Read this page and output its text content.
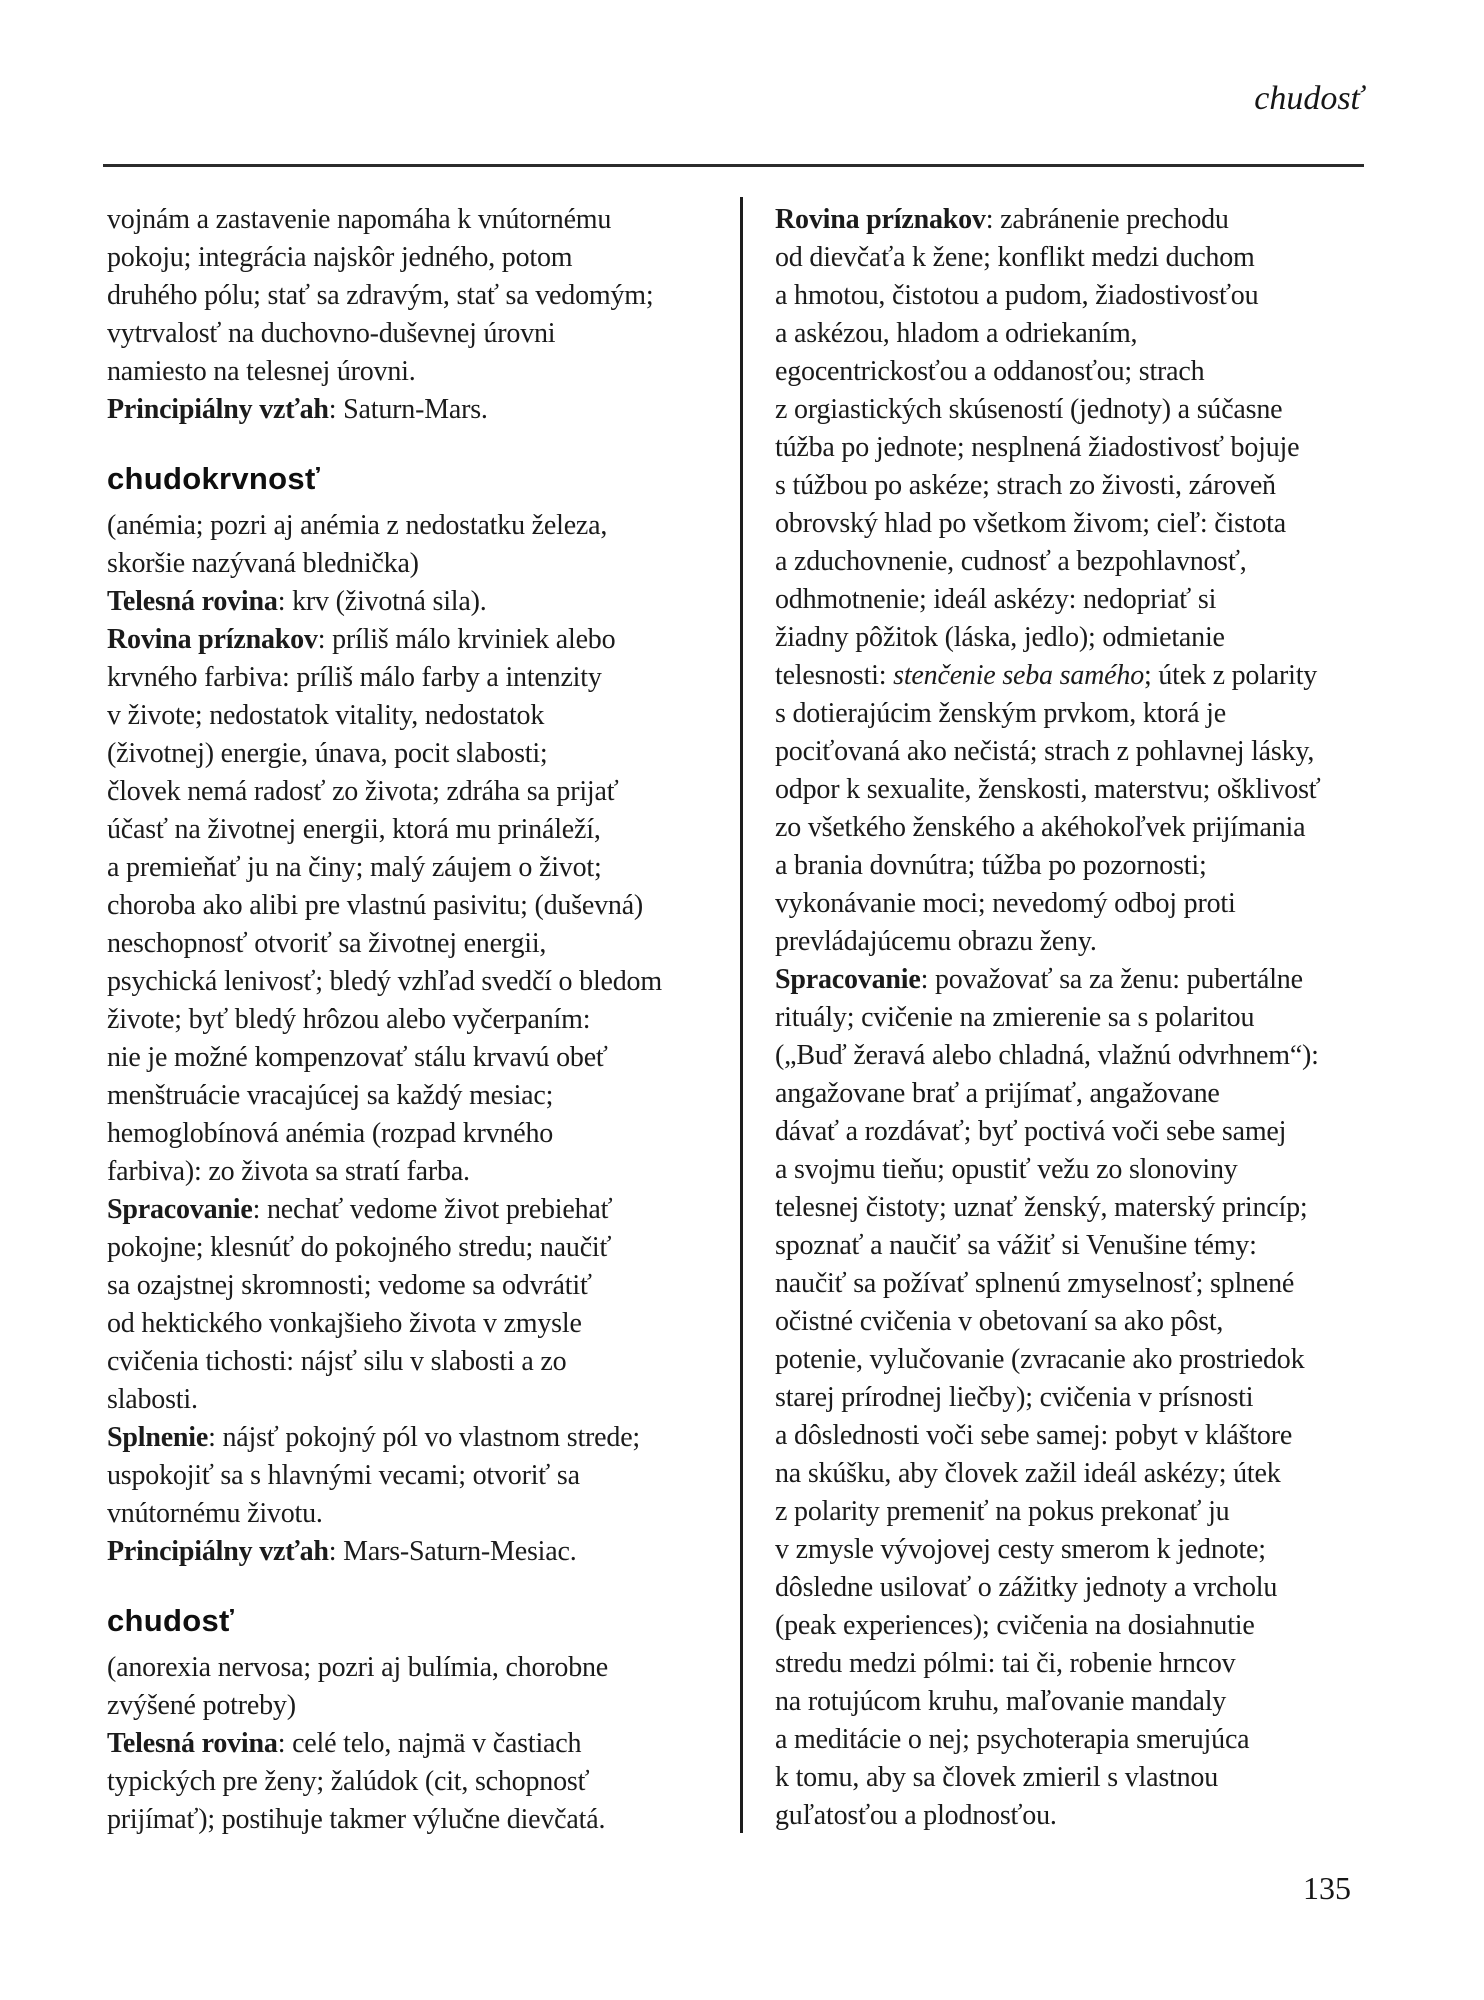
chudosť
vojnám a zastavenie napomáha k vnútornému
pokoju; integrácia najskôr jedného, potom
druhého pólu; stať sa zdravým, stať sa vedomým;
vytrvalosť na duchovno-duševnej úrovni
namiesto na telesnej úrovni.
Principiálny vzťah: Saturn-Mars.
chudokrvnosť
(anémia; pozri aj anémia z nedostatku železa,
skoršie nazývaná blednička)
Telesná rovina: krv (životná sila).
Rovina príznakov: príliš málo krviniek alebo
krvného farbiva: príliš málo farby a intenzity
v živote; nedostatok vitality, nedostatok
(životnej) energie, únava, pocit slabosti;
človek nemá radosť zo života; zdráha sa prijať
účasť na životnej energii, ktorá mu prináleží,
a premieňať ju na činy; malý záujem o život;
choroba ako alibi pre vlastnú pasivitu; (duševná)
neschopnosť otvoriť sa životnej energii,
psychická lenivosť; bledý vzhľad svedčí o bledom
živote; byť bledý hrôzou alebo vyčerpaním:
nie je možné kompenzovať stálu krvavú obeť
menštruácie vracajúcej sa každý mesiac;
hemoglobínová anémia (rozpad krvného
farbiva): zo života sa stratí farba.
Spracovanie: nechať vedome život prebiehať
pokojne; klesnúť do pokojného stredu; naučiť
sa ozajstnej skromnosti; vedome sa odvrátiť
od hektického vonkajšieho života v zmysle
cvičenia tichosti: nájsť silu v slabosti a zo
slabosti.
Splnenie: nájsť pokojný pól vo vlastnom strede;
uspokojiť sa s hlavnými vecami; otvoriť sa
vnútornému životu.
Principiálny vzťah: Mars-Saturn-Mesiac.
chudosť
(anorexia nervosa; pozri aj bulímia, chorobne
zvýšené potreby)
Telesná rovina: celé telo, najmä v častiach
typických pre ženy; žalúdok (cit, schopnosť
prijímať); postihuje takmer výlučne dievčatá.
Rovina príznakov: zabránenie prechodu
od dievčaťa k žene; konflikt medzi duchom
a hmotou, čistotou a pudom, žiadostivosťou
a askézou, hladom a odriekaním,
egocentrickosťou a oddanosťou; strach
z orgiastických skúseností (jednoty) a súčasne
túžba po jednote; nesplnená žiadostivosť bojuje
s túžbou po askéze; strach zo živosti, zároveň
obrovský hlad po všetkom živom; cieľ: čistota
a zduchovnenie, cudnosť a bezpohlavnosť,
odhmotnenie; ideál askézy: nedopriať si
žiadny pôžitok (láska, jedlo); odmietanie
telesnosti: stenčenie seba samého; útek z polarity
s dotierajúcim ženským prvkom, ktorá je
pociťovaná ako nečistá; strach z pohlavnej lásky,
odpor k sexualite, ženskosti, materstvu; ošklivosť
zo všetkého ženského a akéhokoľvek prijímania
a brania dovnútra; túžba po pozornosti;
vykonávanie moci; nevedomý odboj proti
prevládajúcemu obrazu ženy.
Spracovanie: považovať sa za ženu: pubertálne
rituály; cvičenie na zmierenie sa s polaritou
(„Buď žeravá alebo chladná, vlažnú odvrhnem“):
angažovane brať a prijímať, angažovane
dávať a rozdávať; byť poctivá voči sebe samej
a svojmu tieňu; opustiť vežu zo slonoviny
telesnej čistoty; uznať ženský, materský princíp;
spoznať a naučiť sa vážiť si Venušine témy:
naučiť sa požívať splnenú zmyselnosť; splnené
očistné cvičenia v obetovaní sa ako pôst,
potenie, vylučovanie (zvracanie ako prostriedok
starej prírodnej liečby); cvičenia v prísnosti
a dôslednosti voči sebe samej: pobyt v kláštore
na skúšku, aby človek zažil ideál askézy; útek
z polarity premeniť na pokus prekonať ju
v zmysle vývojovej cesty smerom k jednote;
dôsledne usilovať o zážitky jednoty a vrcholu
(peak experiences); cvičenia na dosiahnutie
stredu medzi pólmi: tai či, robenie hrncov
na rotujúcom kruhu, maľovanie mandaly
a meditácie o nej; psychoterapia smerujúca
k tomu, aby sa človek zmieril s vlastnou
guľatosťou a plodnosťou.
135
